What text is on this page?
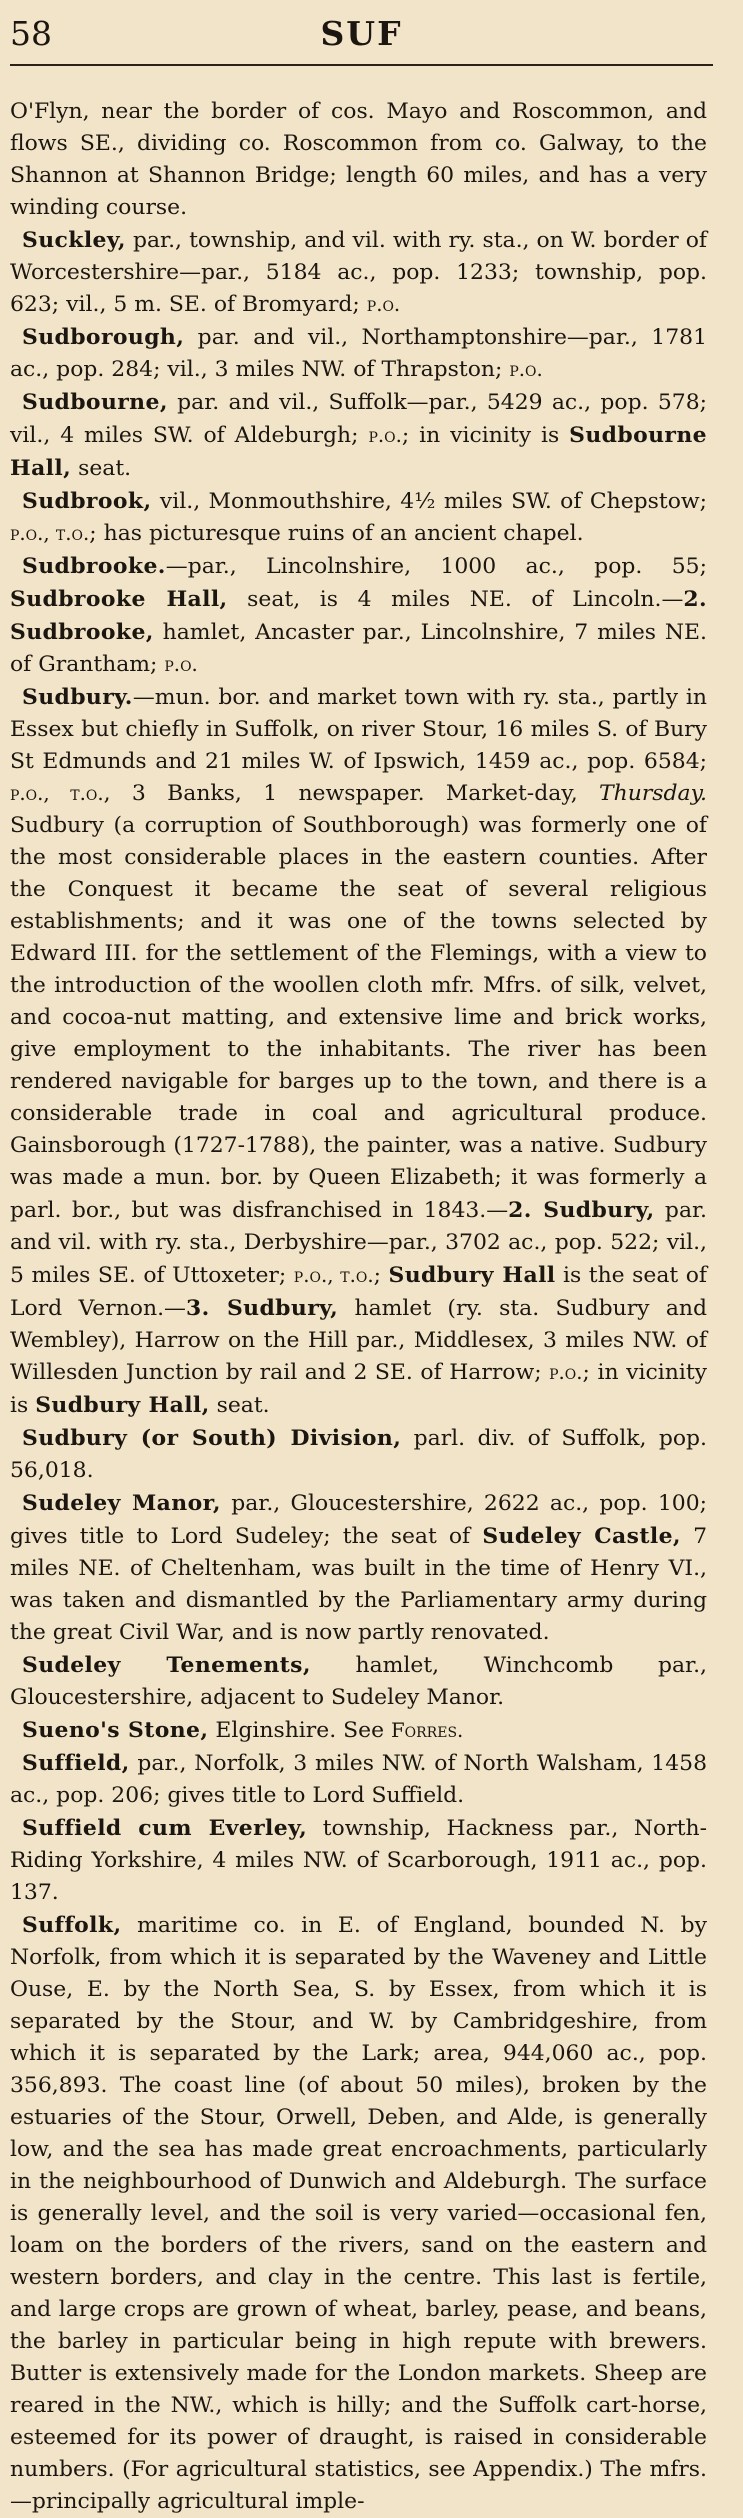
58	SUF

O'Flyn, near the border of cos. Mayo and Roscommon, and flows SE., dividing co. Roscommon from co. Galway, to the Shannon at Shannon Bridge; length 60 miles, and has a very winding course.

Suckley, par., township, and vil. with ry. sta., on W. border of Worcestershire—par., 5184 ac., pop. 1233; township, pop. 623; vil., 5 m. SE. of Bromyard; p.o.

Sudborough, par. and vil., Northamptonshire—par., 1781 ac., pop. 284; vil., 3 miles NW. of Thrapston; p.o.

Sudbourne, par. and vil., Suffolk—par., 5429 ac., pop. 578; vil., 4 miles SW. of Aldeburgh; p.o.; in vicinity is Sudbourne Hall, seat.

Sudbrook, vil., Monmouthshire, 4½ miles SW. of Chepstow; p.o., t.o.; has picturesque ruins of an ancient chapel.

Sudbrooke.—par., Lincolnshire, 1000 ac., pop. 55; Sudbrooke Hall, seat, is 4 miles NE. of Lincoln.—2. Sudbrooke, hamlet, Ancaster par., Lincolnshire, 7 miles NE. of Grantham; p.o.

Sudbury.—mun. bor. and market town with ry. sta., partly in Essex but chiefly in Suffolk, on river Stour, 16 miles S. of Bury St Edmunds and 21 miles W. of Ipswich, 1459 ac., pop. 6584; p.o., t.o., 3 Banks, 1 newspaper. Market-day, Thursday. Sudbury (a corruption of Southborough) was formerly one of the most considerable places in the eastern counties. After the Conquest it became the seat of several religious establishments; and it was one of the towns selected by Edward III. for the settlement of the Flemings, with a view to the introduction of the woollen cloth mfr. Mfrs. of silk, velvet, and cocoa-nut matting, and extensive lime and brick works, give employment to the inhabitants. The river has been rendered navigable for barges up to the town, and there is a considerable trade in coal and agricultural produce. Gainsborough (1727-1788), the painter, was a native. Sudbury was made a mun. bor. by Queen Elizabeth; it was formerly a parl. bor., but was disfranchised in 1843.—2. Sudbury, par. and vil. with ry. sta., Derbyshire—par., 3702 ac., pop. 522; vil., 5 miles SE. of Uttoxeter; p.o., t.o.; Sudbury Hall is the seat of Lord Vernon.—3. Sudbury, hamlet (ry. sta. Sudbury and Wembley), Harrow on the Hill par., Middlesex, 3 miles NW. of Willesden Junction by rail and 2 SE. of Harrow; p.o.; in vicinity is Sudbury Hall, seat.

Sudbury (or South) Division, parl. div. of Suffolk, pop. 56,018.

Sudeley Manor, par., Gloucestershire, 2622 ac., pop. 100; gives title to Lord Sudeley; the seat of Sudeley Castle, 7 miles NE. of Cheltenham, was built in the time of Henry VI., was taken and dismantled by the Parliamentary army during the great Civil War, and is now partly renovated.

Sudeley Tenements, hamlet, Winchcomb par., Gloucestershire, adjacent to Sudeley Manor.

Sueno's Stone, Elginshire. See Forres.

Suffield, par., Norfolk, 3 miles NW. of North Walsham, 1458 ac., pop. 206; gives title to Lord Suffield.

Suffield cum Everley, township, Hackness par., North-Riding Yorkshire, 4 miles NW. of Scarborough, 1911 ac., pop. 137.

Suffolk, maritime co. in E. of England, bounded N. by Norfolk, from which it is separated by the Waveney and Little Ouse, E. by the North Sea, S. by Essex, from which it is separated by the Stour, and W. by Cambridgeshire, from which it is separated by the Lark; area, 944,060 ac., pop. 356,893. The coast line (of about 50 miles), broken by the estuaries of the Stour, Orwell, Deben, and Alde, is generally low, and the sea has made great encroachments, particularly in the neighbourhood of Dunwich and Aldeburgh. The surface is generally level, and the soil is very varied—occasional fen, loam on the borders of the rivers, sand on the eastern and western borders, and clay in the centre. This last is fertile, and large crops are grown of wheat, barley, pease, and beans, the barley in particular being in high repute with brewers. Butter is extensively made for the London markets. Sheep are reared in the NW., which is hilly; and the Suffolk cart-horse, esteemed for its power of draught, is raised in considerable numbers. (For agricultural statistics, see Appendix.) The mfrs.—principally agricultural imple-
